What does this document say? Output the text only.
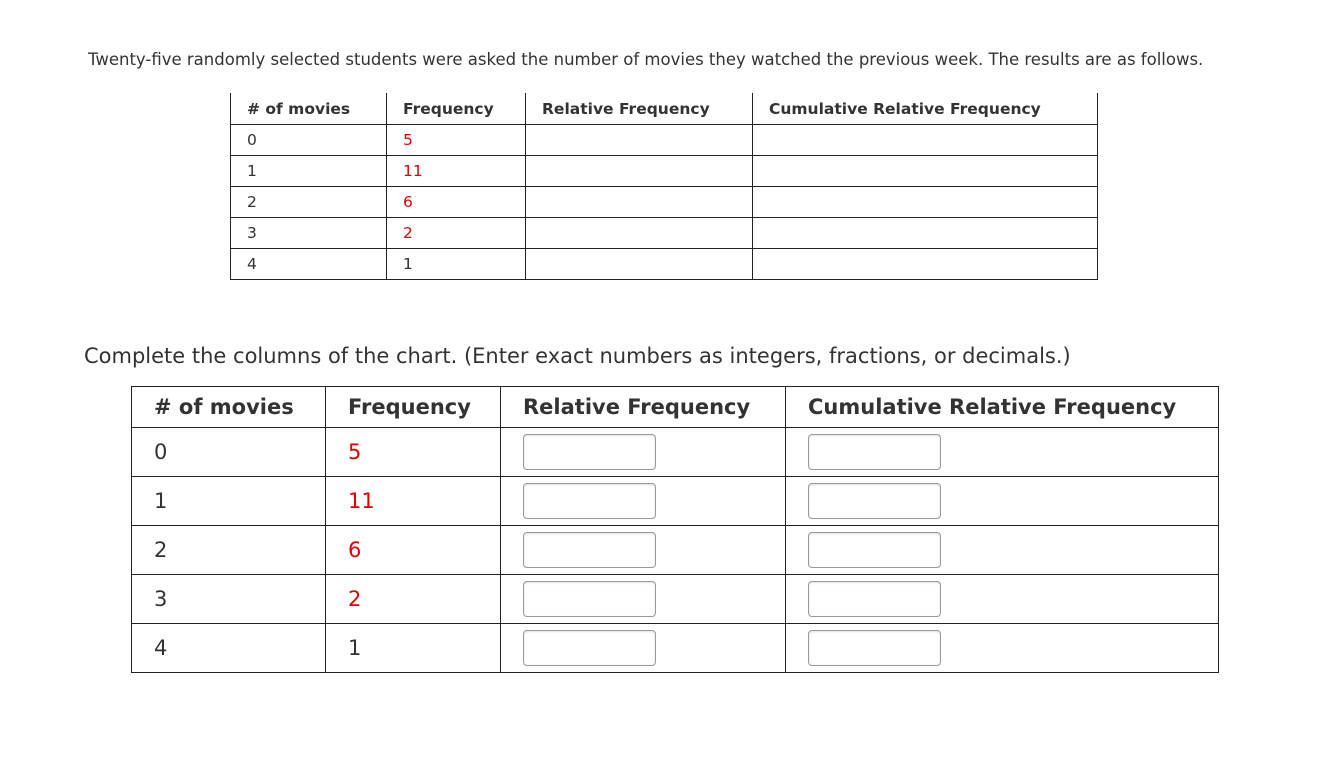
Twenty-five randomly selected students were asked the number of movies they watched the previous week. The results are as follows.
# of movies	Frequency	Relative Frequency	Cumulative Relative Frequency
0	5		
1	11		
2	6		
3	2		
4	1		
Complete the columns of the chart. (Enter exact numbers as integers, fractions, or decimals.)
# of movies	Frequency	Relative Frequency	Cumulative Relative Frequency
0	5	

1	11	

2	6	

3	2	

4	1	
